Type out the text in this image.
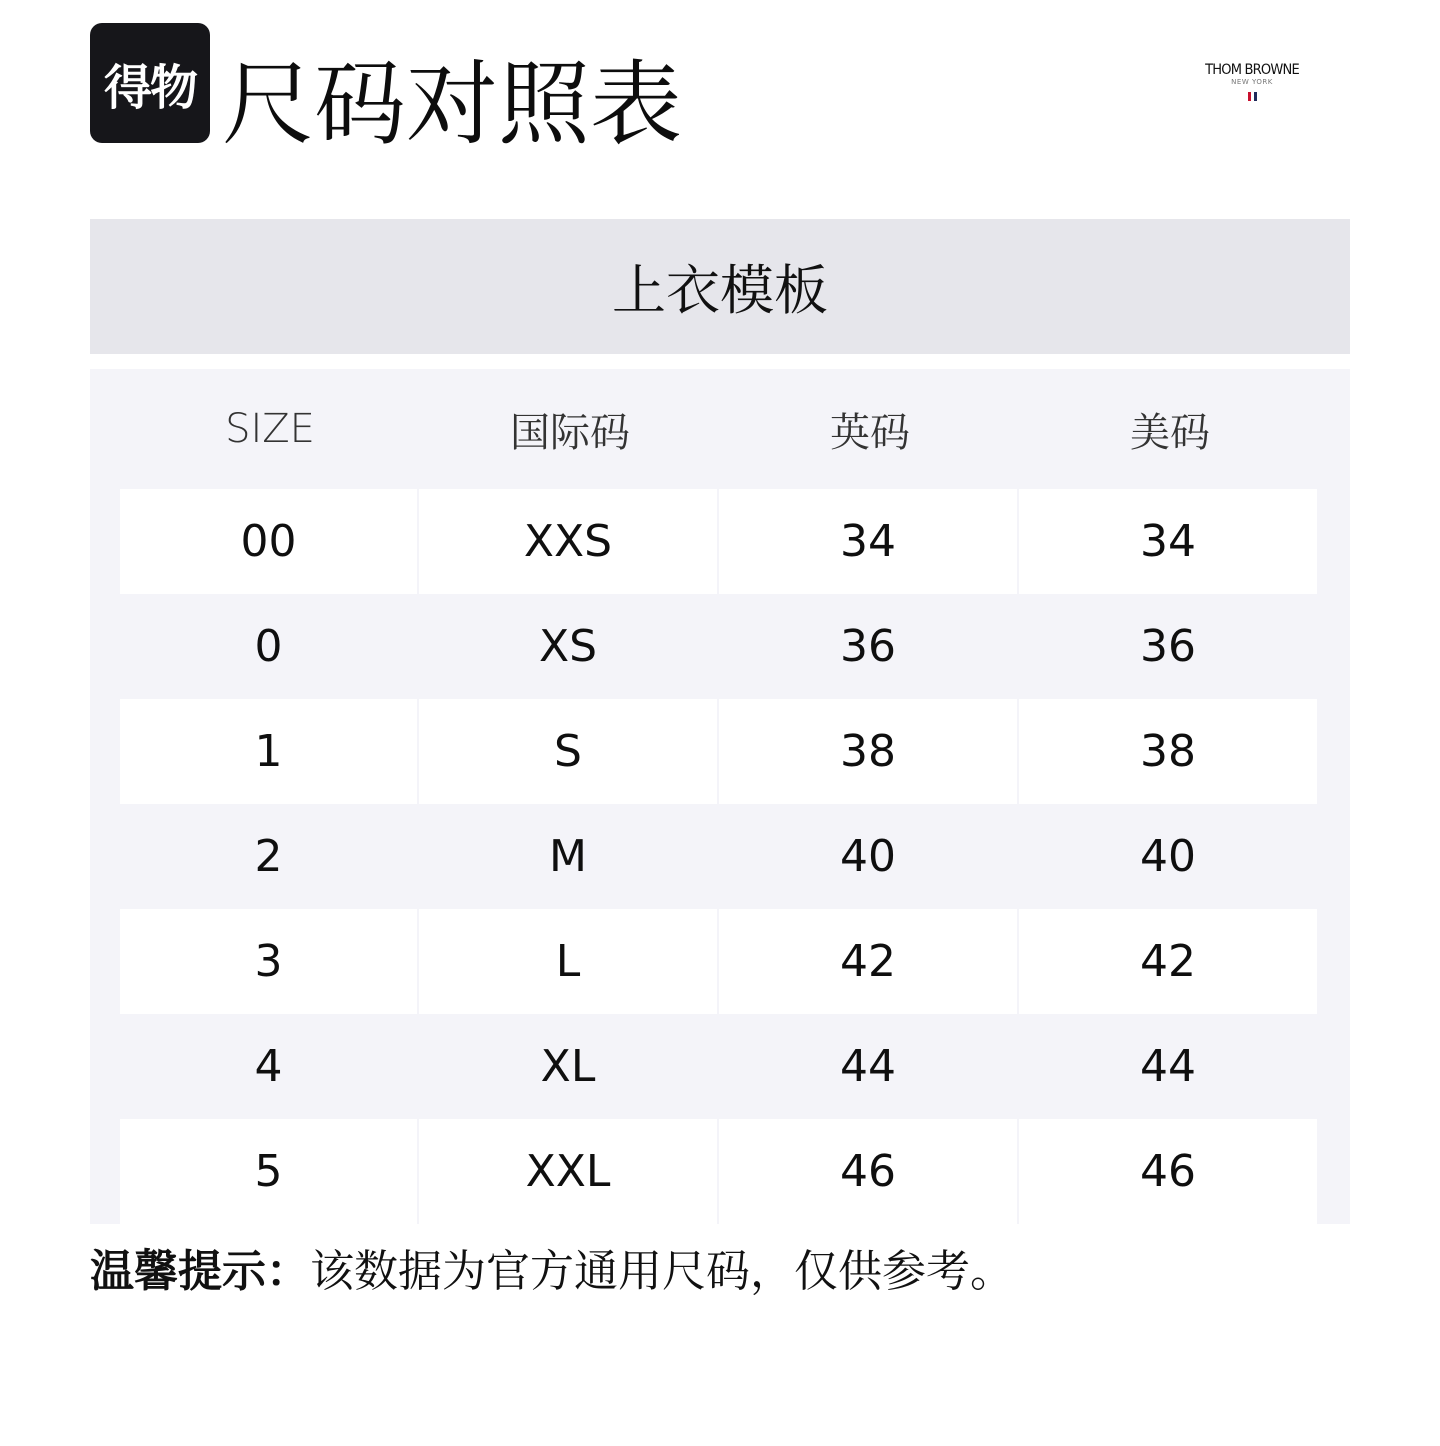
得物 尺码对照表	THOM BROWNE
NEW YORK
上衣模板
SIZE	国际码	英码	美码
00	XXS	34	34
0	XS	36	36
1	S	38	38
2	M	40	40
3	L	42	42
4	XL	44	44
5	XXL	46	46
温馨提示：该数据为官方通用尺码，仅供参考。
